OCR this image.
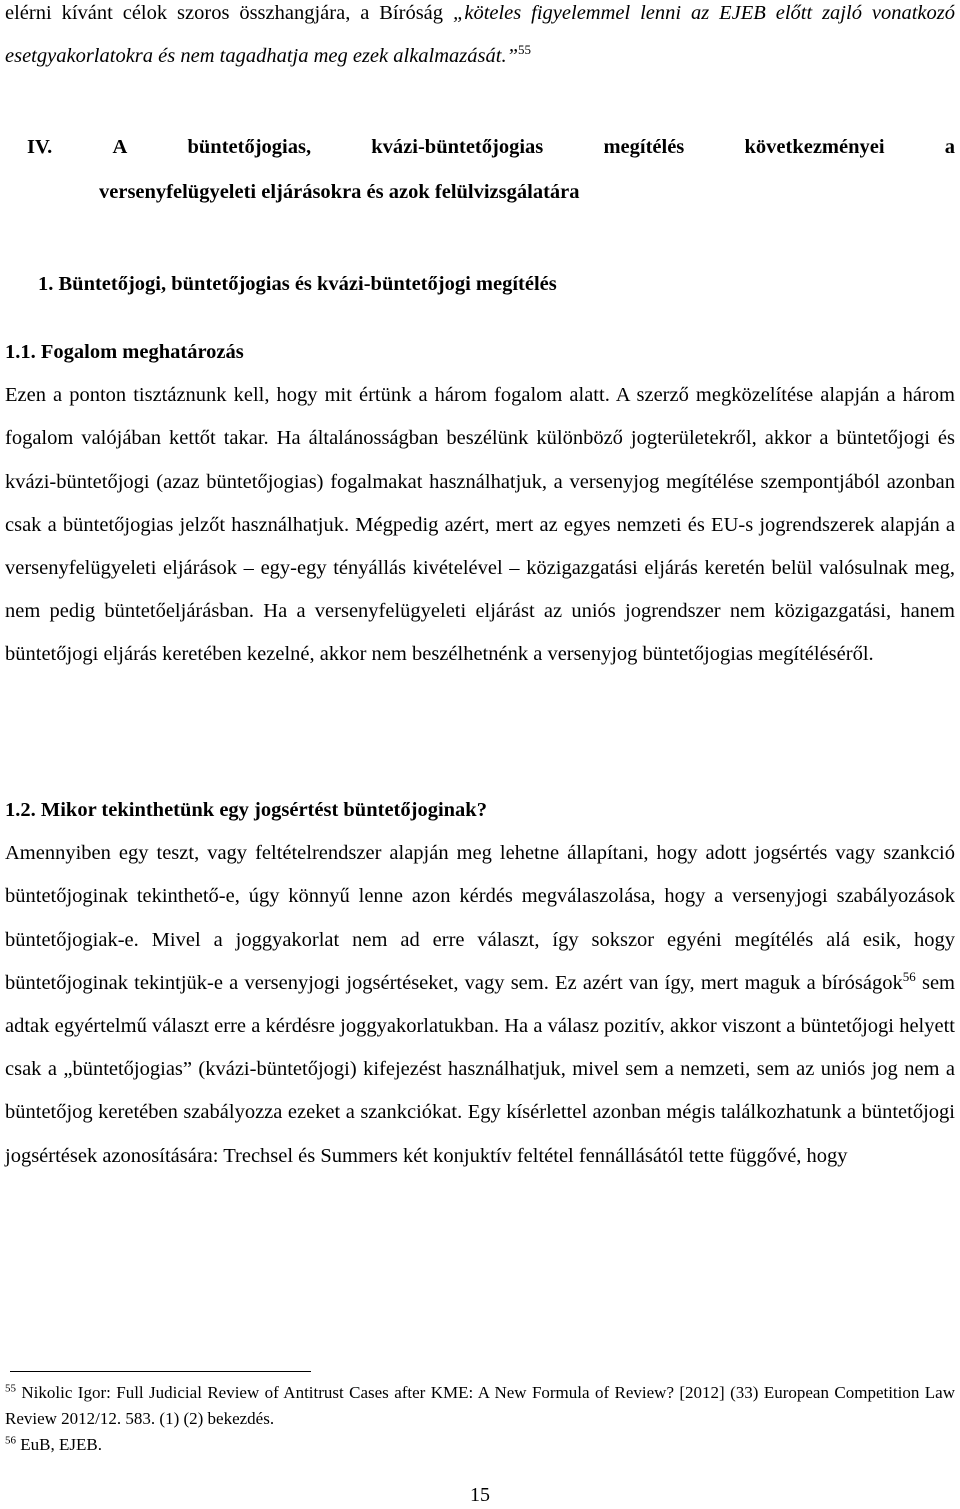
elérni kívánt célok szoros összhangjára, a Bíróság „köteles figyelemmel lenni az EJEB előtt zajló vonatkozó esetgyakorlatokra és nem tagadhatja meg ezek alkalmazását.”$^{55}$

IV.	A	büntetőjogias,	kvázi-büntetőjogias	megítélés	következményei	a
versenyfelügyeleti eljárásokra és azok felülvizsgálatára
1. Büntetőjogi, büntetőjogias és kvázi-büntetőjogi megítélés

1.1. Fogalom meghatározás

Ezen a ponton tisztáznunk kell, hogy mit értünk a három fogalom alatt. A szerző megközelítése alapján a három fogalom valójában kettőt takar. Ha általánosságban beszélünk különböző jogterületekről, akkor a büntetőjogi és kvázi-büntetőjogi (azaz büntetőjogias) fogalmakat használhatjuk, a versenyjog megítélése szempontjából azonban csak a büntetőjogias jelzőt használhatjuk. Mégpedig azért, mert az egyes nemzeti és EU-s jogrendszerek alapján a versenyfelügyeleti eljárások – egy-egy tényállás kivételével – közigazgatási eljárás keretén belül valósulnak meg, nem pedig büntetőeljárásban. Ha a versenyfelügyeleti eljárást az uniós jogrendszer nem közigazgatási, hanem büntetőjogi eljárás keretében kezelné, akkor nem beszélhetnénk a versenyjog büntetőjogias megítéléséről.

1.2. Mikor tekinthetünk egy jogsértést büntetőjoginak?

Amennyiben egy teszt, vagy feltételrendszer alapján meg lehetne állapítani, hogy adott jogsértés vagy szankció büntetőjoginak tekinthető-e, úgy könnyű lenne azon kérdés megválaszolása, hogy a versenyjogi szabályozások büntetőjogiak-e. Mivel a joggyakorlat nem ad erre választ, így sokszor egyéni megítélés alá esik, hogy büntetőjoginak tekintjük-e a versenyjogi jogsértéseket, vagy sem. Ez azért van így, mert maguk a bíróságok$^{56}$ sem adtak egyértelmű választ erre a kérdésre joggyakorlatukban. Ha a válasz pozitív, akkor viszont a büntetőjogi helyett csak a „büntetőjogias” (kvázi-büntetőjogi) kifejezést használhatjuk, mivel sem a nemzeti, sem az uniós jog nem a büntetőjog keretében szabályozza ezeket a szankciókat. Egy kísérlettel azonban mégis találkozhatunk a büntetőjogi jogsértések azonosítására: Trechsel és Summers két konjuktív feltétel fennállásától tette függővé, hogy

$^{55}$ Nikolic Igor: Full Judicial Review of Antitrust Cases after KME: A New Formula of Review? [2012] (33) European Competition Law Review 2012/12. 583. (1) (2) bekezdés.

$^{56}$ EuB, EJEB.

15
